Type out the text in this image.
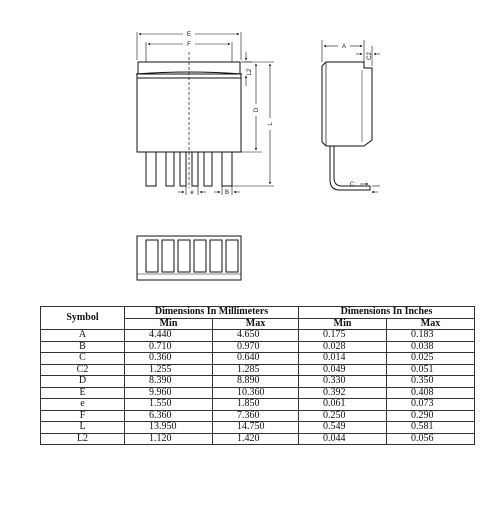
E
F
L2
D
L
e	B
A
C2
C
Symbol	Dimensions In Millimeters		Dimensions In Inches	
	Min	Max	Min	Max
A	4.440	4.650	0.175	0.183
B	0.710	0.970	0.028	0.038
C	0.360	0.640	0.014	0.025
C2	1.255	1.285	0.049	0.051
D	8.390	8.890	0.330	0.350
E	9.960	10.360	0.392	0.408
e	1.550	1.850	0.061	0.073
F	6.360	7.360	0.250	0.290
L	13.950	14.750	0.549	0.581
L2	1.120	1.420	0.044	0.056
